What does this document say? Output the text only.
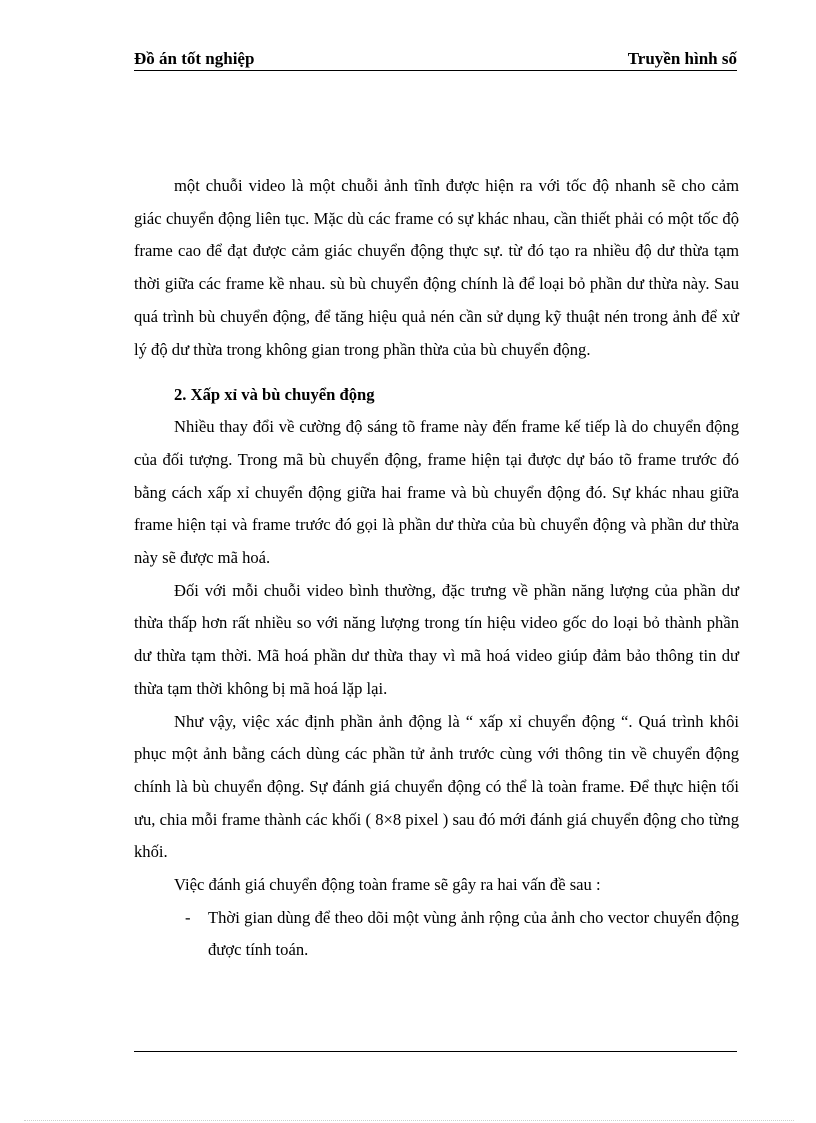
Đồ án tốt nghiệp	Truyền hình số

một chuỗi video là một chuỗi ảnh tĩnh được hiện ra với tốc độ nhanh sẽ cho cảm giác chuyển động liên tục. Mặc dù các frame có sự khác nhau, cần thiết phải có một tốc độ frame cao để đạt được cảm giác chuyển động thực sự. từ đó tạo ra nhiều độ dư thừa tạm thời giữa các frame kề nhau. sù bù chuyển động chính là để loại bỏ phần dư thừa này. Sau quá trình bù chuyển động, để tăng hiệu quả nén cần sử dụng kỹ thuật nén trong ảnh để xử lý độ dư thừa trong không gian trong phần thừa của bù chuyển động.

2. Xấp xỉ và bù chuyển động

Nhiều thay đổi về cường độ sáng tõ frame này đến frame kế tiếp là do chuyển động của đối tượng. Trong mã bù chuyển động, frame hiện tại được dự báo tõ frame trước đó bằng cách xấp xỉ chuyển động giữa hai frame và bù chuyển động đó. Sự khác nhau giữa frame hiện tại và frame trước đó gọi là phần dư thừa của bù chuyển động và phần dư thừa này sẽ được mã hoá.

Đối với mỗi chuỗi video bình thường, đặc trưng về phần năng lượng của phần dư thừa thấp hơn rất nhiều so với năng lượng trong tín hiệu video gốc do loại bỏ thành phần dư thừa tạm thời. Mã hoá phần dư thừa thay vì mã hoá video giúp đảm bảo thông tin dư thừa tạm thời không bị mã hoá lặp lại.

Như vậy, việc xác định phần ảnh động là “ xấp xỉ chuyển động “. Quá trình khôi phục một ảnh bằng cách dùng các phần tử ảnh trước cùng với thông tin về chuyển động chính là bù chuyển động. Sự đánh giá chuyển động có thể là toàn frame. Để thực hiện tối ưu, chia mỗi frame thành các khối ( 8×8 pixel ) sau đó mới đánh giá chuyển động cho từng khối.

Việc đánh giá chuyển động toàn frame sẽ gây ra hai vấn đề sau :

- Thời gian dùng để theo dõi một vùng ảnh rộng của ảnh cho vector chuyển động được tính toán.
